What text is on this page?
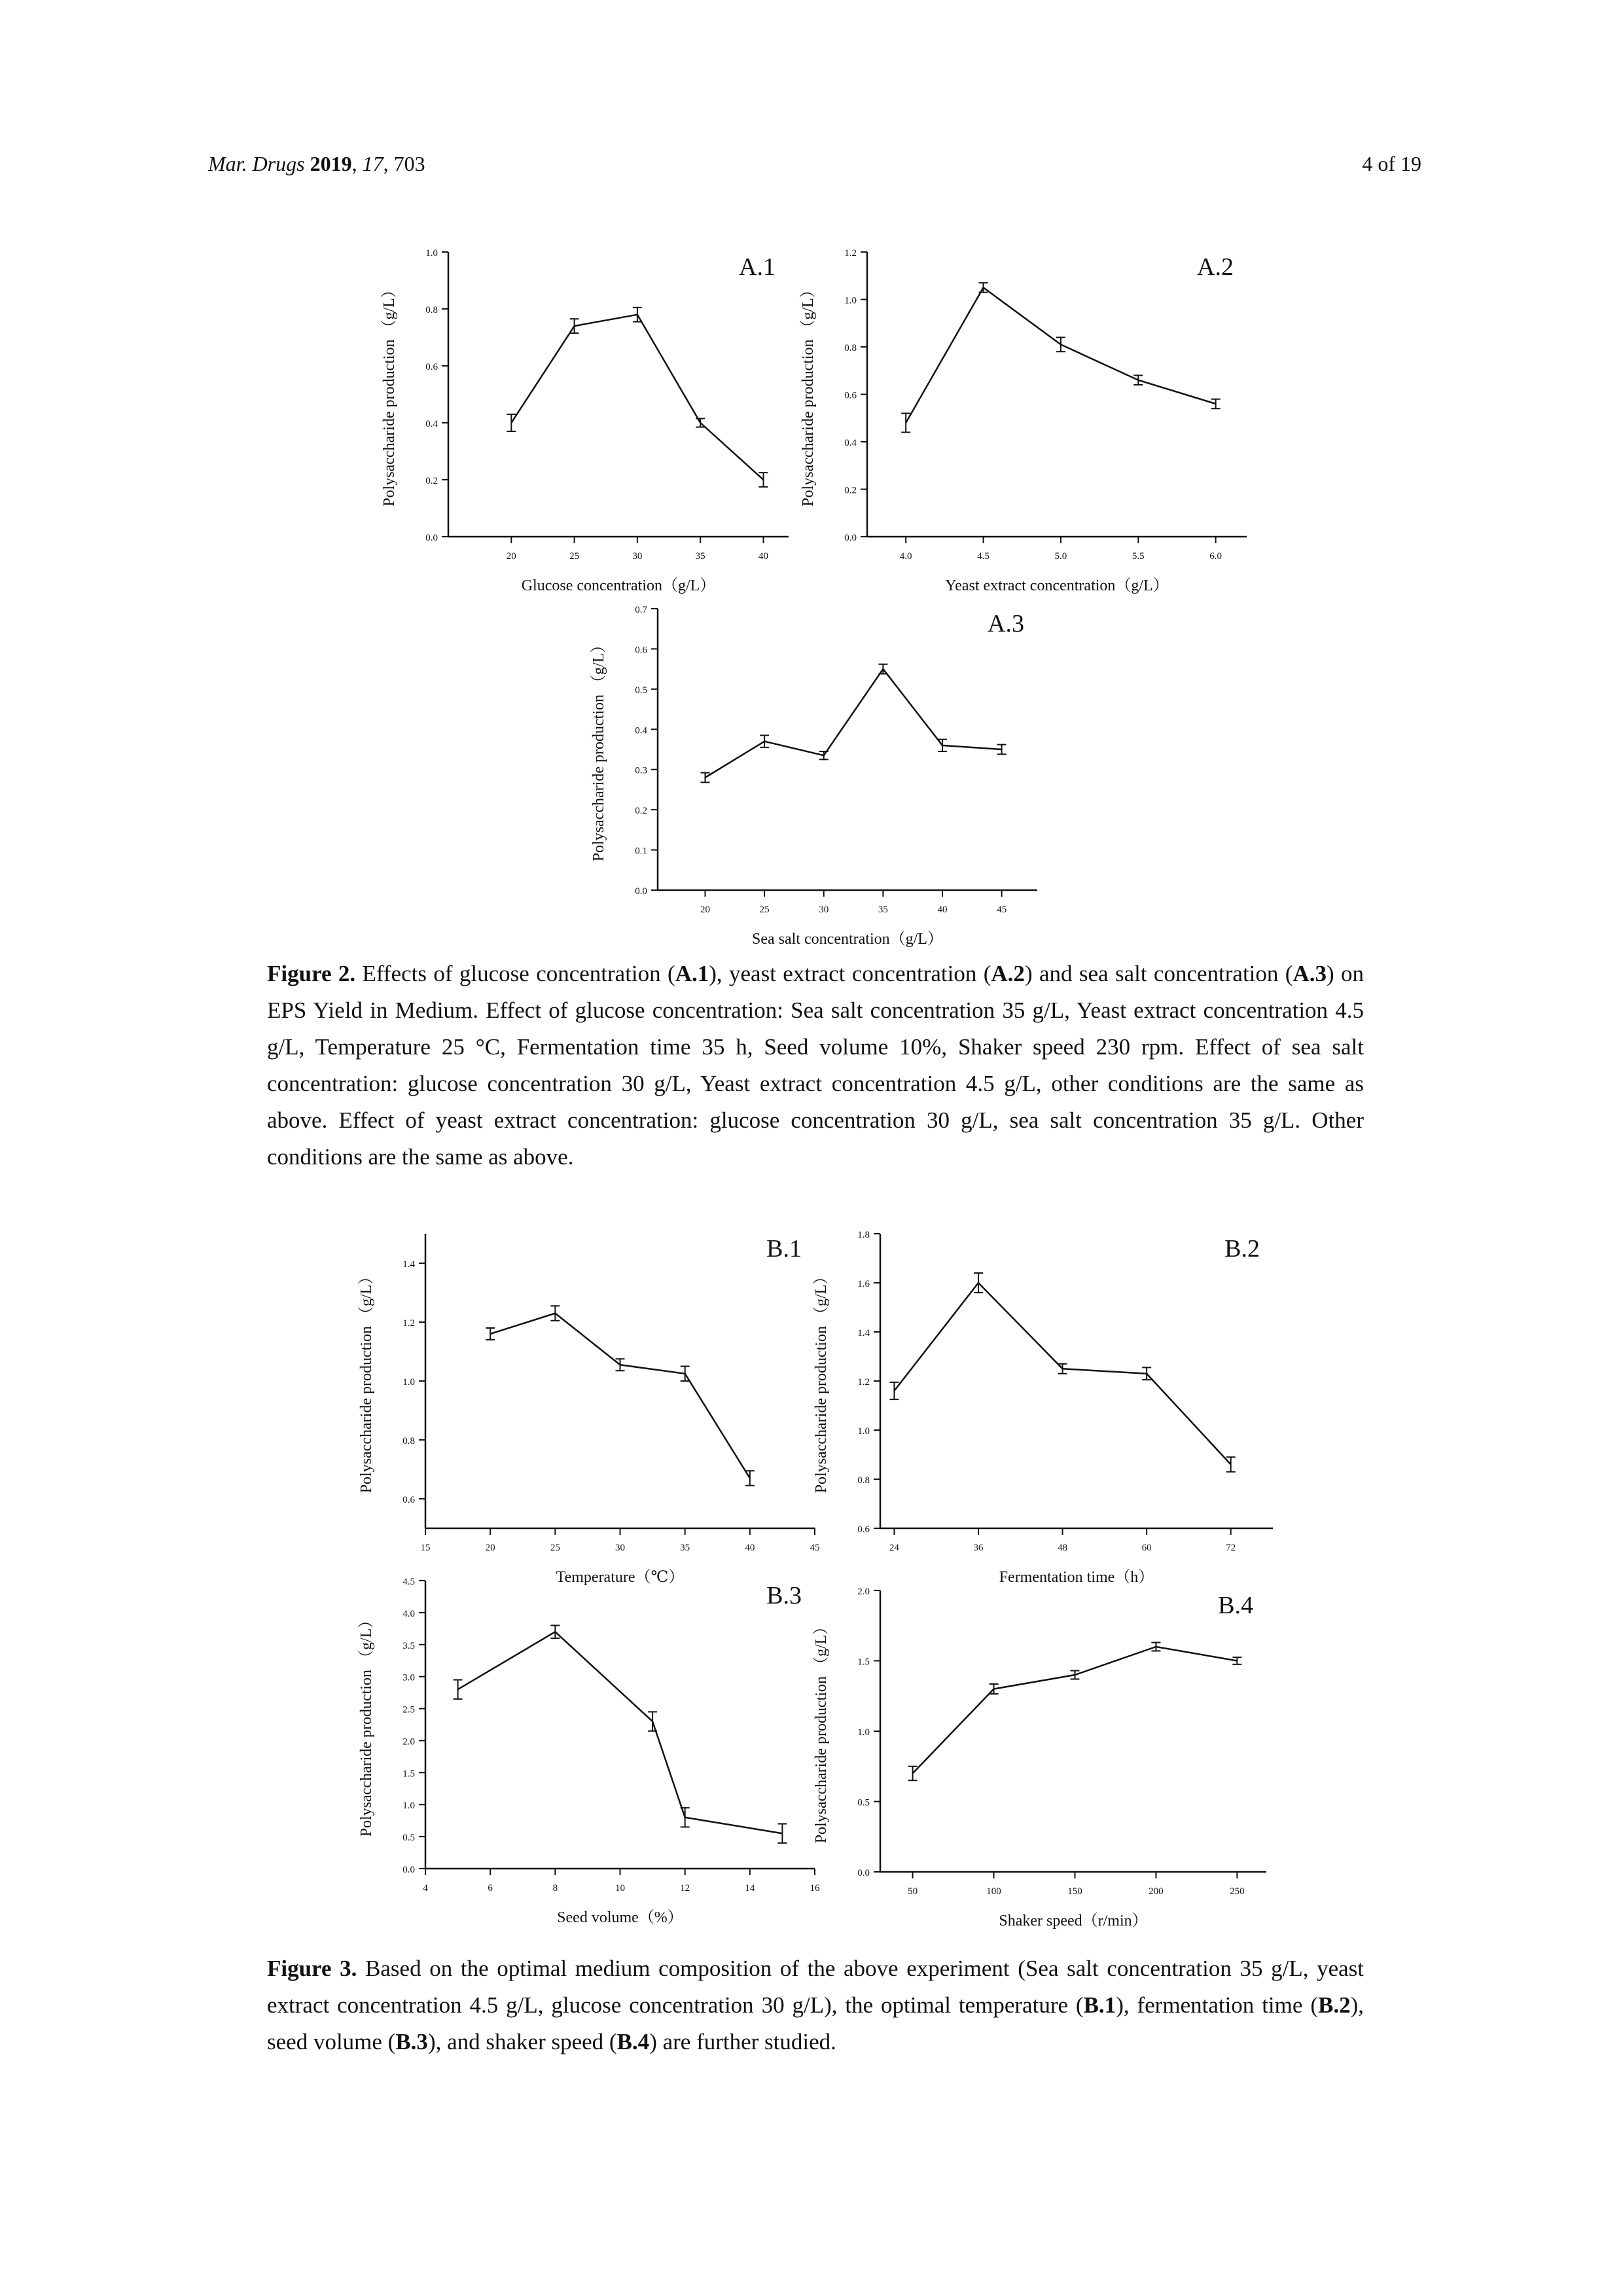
Mar. Drugs 2019, 17, 703	4 of 19
0.0
0.2
0.4
0.6
0.8
1.0
20	25	30	35	40
Glucose concentration（g/L）
Polysaccharide production （g/L）
A.1
0.0
0.2
0.4
0.6
0.8
1.0
1.2
4.0	4.5	5.0	5.5	6.0
Yeast extract concentration（g/L）
Polysaccharide production （g/L）
A.2
0.0
0.1
0.2
0.3
0.4
0.5
0.6
0.7
20	25	30	35	40	45
Sea salt concentration（g/L）
Polysaccharide production （g/L）
A.3
0.6
0.8
1.0
1.2
1.4
15	20	25	30	35	40	45
Temperature（℃）
Polysaccharide production （g/L）
B.1
0.6
0.8
1.0
1.2
1.4
1.6
1.8
24	36	48	60	72
Fermentation time（h）
Polysaccharide production （g/L）
B.2
0.0
0.5
1.0
1.5
2.0
2.5
3.0
3.5
4.0
4.5
4	6	8	10	12	14	16
Seed volume（%）
Polysaccharide production （g/L）
B.3
0.0
0.5
1.0
1.5
2.0
50	100	150	200	250
Shaker speed（r/min）
Polysaccharide production （g/L）
B.4
Figure 2. Effects of glucose concentration (A.1), yeast extract concentration (A.2) and sea salt concentration (A.3) on EPS Yield in Medium. Effect of glucose concentration: Sea salt concentration 35 g/L, Yeast extract concentration 4.5 g/L, Temperature 25 °C, Fermentation time 35 h, Seed volume 10%, Shaker speed 230 rpm. Effect of sea salt concentration: glucose concentration 30 g/L, Yeast extract concentration 4.5 g/L, other conditions are the same as above. Effect of yeast extract concentration: glucose concentration 30 g/L, sea salt concentration 35 g/L. Other conditions are the same as above.
Figure 3. Based on the optimal medium composition of the above experiment (Sea salt concentration 35 g/L, yeast extract concentration 4.5 g/L, glucose concentration 30 g/L), the optimal temperature (B.1), fermentation time (B.2), seed volume (B.3), and shaker speed (B.4) are further studied.
